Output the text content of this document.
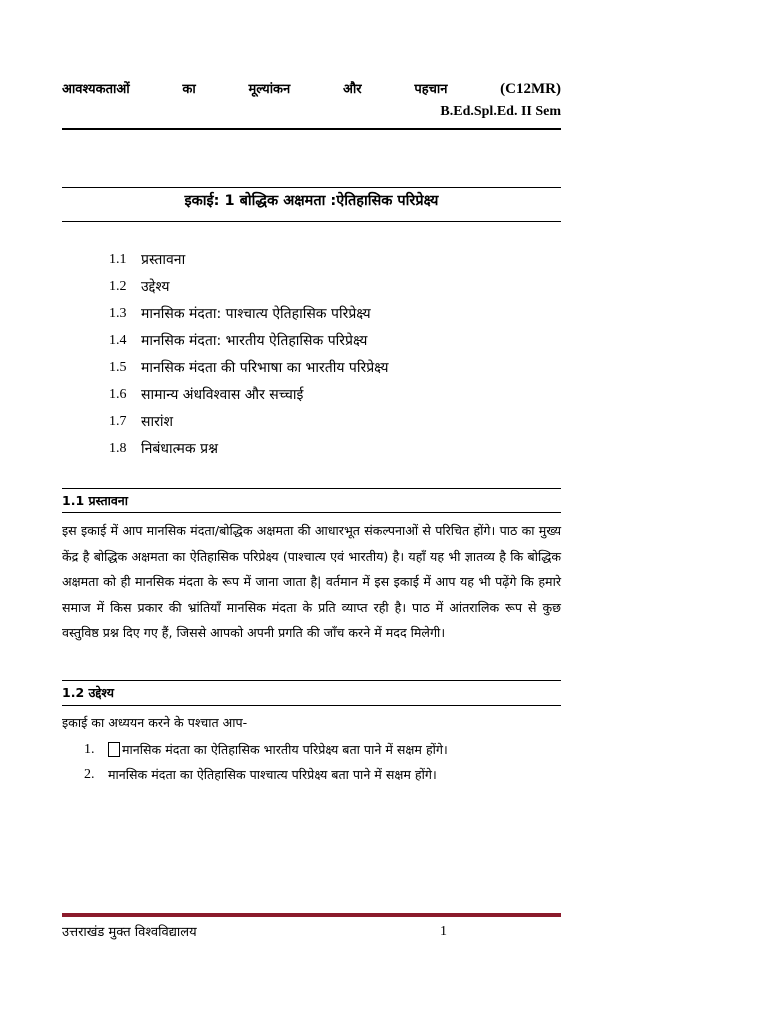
आवश्यकताओं	का	मूल्यांकन	और	पहचान	(C12MR)
B.Ed.Spl.Ed. II Sem
इकाई: 1 बोद्धिक अक्षमता :ऐतिहासिक परिप्रेक्ष्य
1.1	प्रस्तावना
1.2	उद्देश्य
1.3	मानसिक मंदता: पाश्चात्य ऐतिहासिक परिप्रेक्ष्य
1.4	मानसिक मंदता: भारतीय ऐतिहासिक परिप्रेक्ष्य
1.5	मानसिक मंदता की परिभाषा का भारतीय परिप्रेक्ष्य
1.6	सामान्य अंधविश्वास और सच्चाई
1.7	सारांश
1.8	निबंधात्मक प्रश्न
1.1 प्रस्तावना

इस इकाई में आप मानसिक मंदता/बोद्धिक अक्षमता की आधारभूत संकल्पनाओं से परिचित होंगे। पाठ का मुख्य केंद्र है बोद्धिक अक्षमता का ऐतिहासिक परिप्रेक्ष्य (पाश्चात्य एवं भारतीय) है। यहाँ यह भी ज्ञातव्य है कि बोद्धिक अक्षमता को ही मानसिक मंदता के रूप में जाना जाता है| वर्तमान में इस इकाई में आप यह भी पढ़ेंगे कि हमारे समाज में किस प्रकार की भ्रांतियाँ मानसिक मंदता के प्रति व्याप्त रही है। पाठ में आंतरालिक रूप से कुछ वस्तुविष्ठ प्रश्न दिए गए हैं, जिससे आपको अपनी प्रगति की जाँच करने में मदद मिलेगी।

1.2 उद्देश्य
इकाई का अध्ययन करने के पश्चात आप-
1.	मानसिक मंदता का ऐतिहासिक भारतीय परिप्रेक्ष्य बता पाने में सक्षम होंगे।
2.	मानसिक मंदता का ऐतिहासिक पाश्चात्य परिप्रेक्ष्य बता पाने में सक्षम होंगे।
उत्तराखंड मुक्त विश्वविद्यालय	1
